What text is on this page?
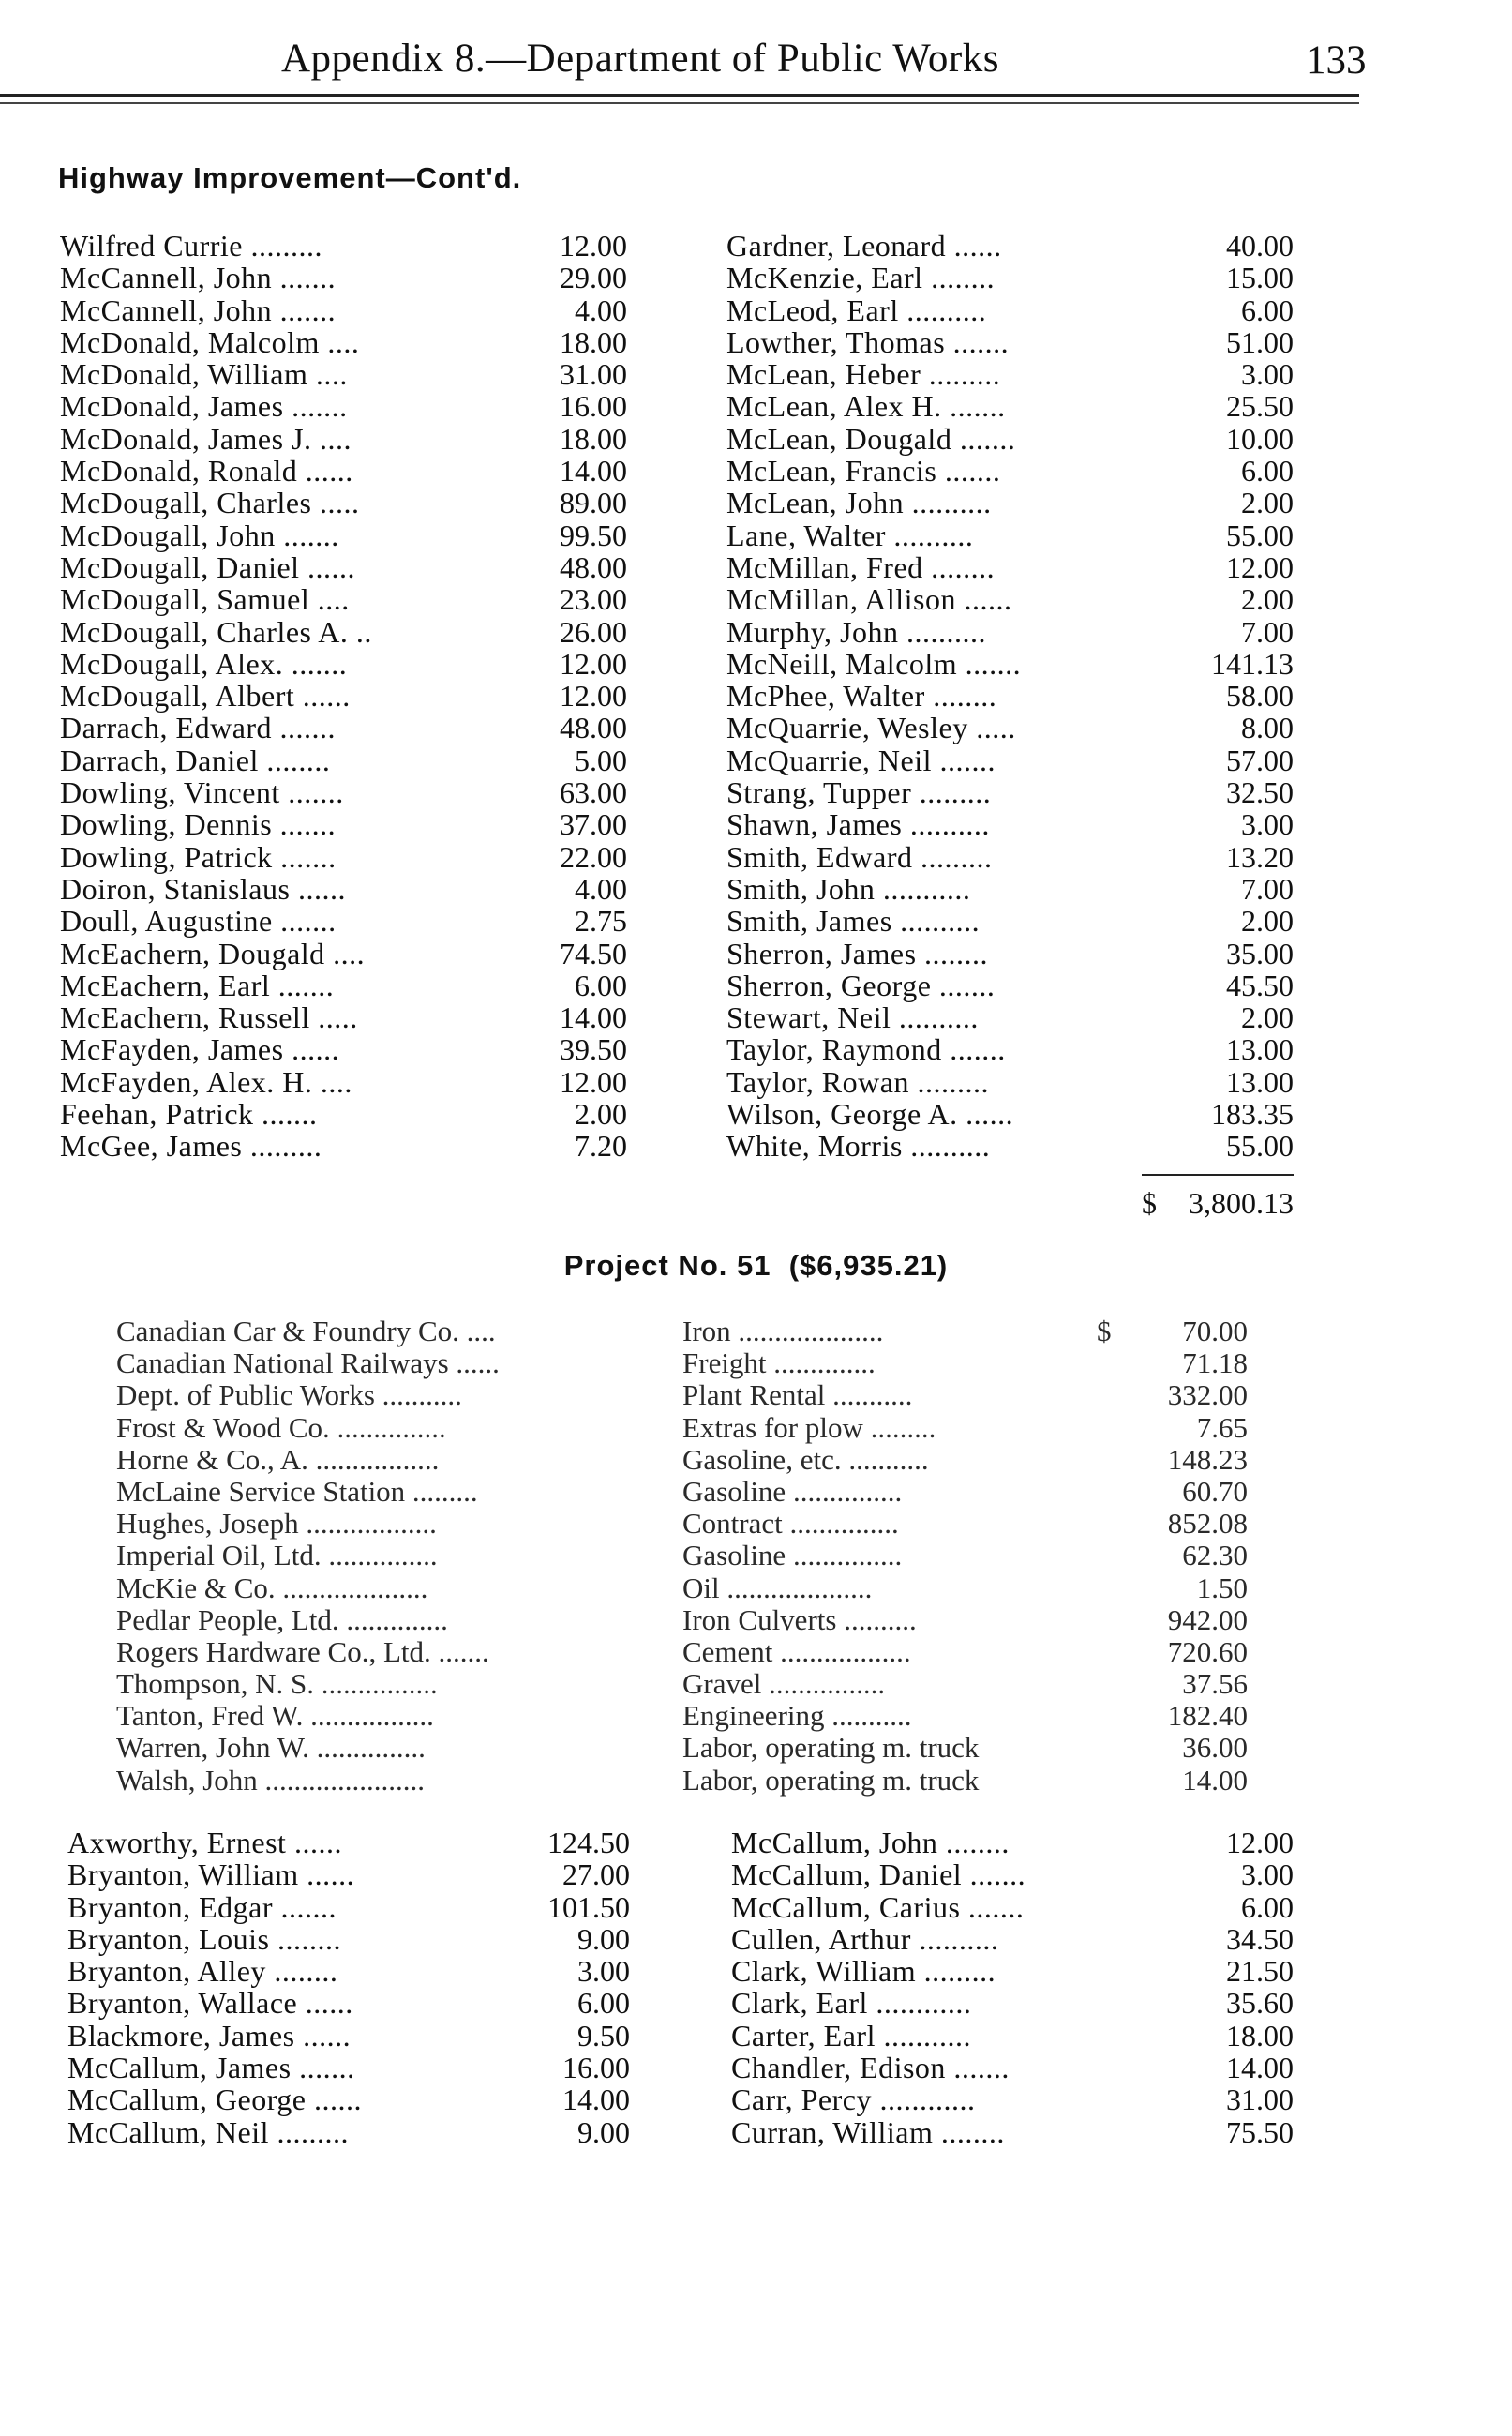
Appendix 8.—Department of Public Works	133
Highway Improvement—Cont'd.
Wilfred Currie .........	12.00
McCannell, John .......	29.00
McCannell, John .......	4.00
McDonald, Malcolm ....	18.00
McDonald, William ....	31.00
McDonald, James .......	16.00
McDonald, James J. ....	18.00
McDonald, Ronald ......	14.00
McDougall, Charles .....	89.00
McDougall, John .......	99.50
McDougall, Daniel ......	48.00
McDougall, Samuel ....	23.00
McDougall, Charles A. ..	26.00
McDougall, Alex. .......	12.00
McDougall, Albert ......	12.00
Darrach, Edward .......	48.00
Darrach, Daniel ........	5.00
Dowling, Vincent .......	63.00
Dowling, Dennis .......	37.00
Dowling, Patrick .......	22.00
Doiron, Stanislaus ......	4.00
Doull, Augustine .......	2.75
McEachern, Dougald ....	74.50
McEachern, Earl .......	6.00
McEachern, Russell .....	14.00
McFayden, James ......	39.50
McFayden, Alex. H. ....	12.00
Feehan, Patrick .......	2.00
McGee, James .........	7.20
Gardner, Leonard ......	40.00
McKenzie, Earl ........	15.00
McLeod, Earl ..........	6.00
Lowther, Thomas .......	51.00
McLean, Heber .........	3.00
McLean, Alex H. .......	25.50
McLean, Dougald .......	10.00
McLean, Francis .......	6.00
McLean, John ..........	2.00
Lane, Walter ..........	55.00
McMillan, Fred ........	12.00
McMillan, Allison ......	2.00
Murphy, John ..........	7.00
McNeill, Malcolm .......	141.13
McPhee, Walter ........	58.00
McQuarrie, Wesley .....	8.00
McQuarrie, Neil .......	57.00
Strang, Tupper .........	32.50
Shawn, James ..........	3.00
Smith, Edward .........	13.20
Smith, John ...........	7.00
Smith, James ..........	2.00
Sherron, James ........	35.00
Sherron, George .......	45.50
Stewart, Neil ..........	2.00
Taylor, Raymond .......	13.00
Taylor, Rowan .........	13.00
Wilson, George A. ......	183.35
White, Morris ..........	55.00
$ 3,800.13
Project No. 51 ($6,935.21)
Canadian Car & Foundry Co. ....	Iron ....................	70.00
$
Canadian National Railways ......	Freight ..............	71.18
Dept. of Public Works ...........	Plant Rental ...........	332.00
Frost & Wood Co. ...............	Extras for plow .........	7.65
Horne & Co., A. .................	Gasoline, etc. ...........	148.23
McLaine Service Station .........	Gasoline ...............	60.70
Hughes, Joseph ..................	Contract ...............	852.08
Imperial Oil, Ltd. ...............	Gasoline ...............	62.30
McKie & Co. ....................	Oil ....................	1.50
Pedlar People, Ltd. ..............	Iron Culverts ..........	942.00
Rogers Hardware Co., Ltd. .......	Cement ..................	720.60
Thompson, N. S. ................	Gravel ................	37.56
Tanton, Fred W. .................	Engineering ...........	182.40
Warren, John W. ...............	Labor, operating m. truck	36.00
Walsh, John ......................	Labor, operating m. truck	14.00
Axworthy, Ernest ......	124.50
Bryanton, William ......	27.00
Bryanton, Edgar .......	101.50
Bryanton, Louis ........	9.00
Bryanton, Alley ........	3.00
Bryanton, Wallace ......	6.00
Blackmore, James ......	9.50
McCallum, James .......	16.00
McCallum, George ......	14.00
McCallum, Neil .........	9.00
McCallum, John ........	12.00
McCallum, Daniel .......	3.00
McCallum, Carius .......	6.00
Cullen, Arthur ..........	34.50
Clark, William .........	21.50
Clark, Earl ............	35.60
Carter, Earl ...........	18.00
Chandler, Edison .......	14.00
Carr, Percy ............	31.00
Curran, William ........	75.50
